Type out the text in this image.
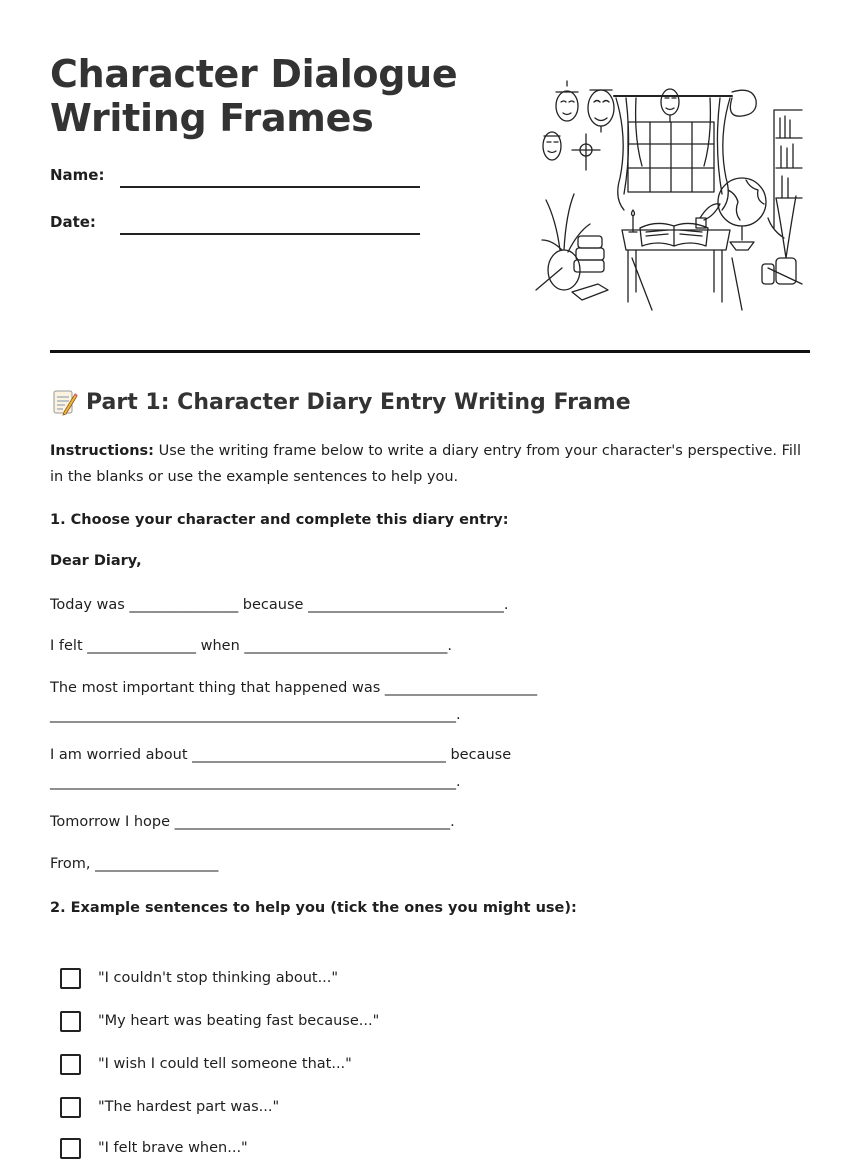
Character Dialogue
Writing Frames
Name:
Date:
Part 1: Character Diary Entry Writing Frame

Instructions: Use the writing frame below to write a diary entry from your character's perspective. Fill in the blanks or use the example sentences to help you.

1. Choose your character and complete this diary entry:

Dear Diary,

Today was _______________ because ___________________________.

I felt _______________ when ____________________________.

The most important thing that happened was _____________________ ________________________________________________________.

I am worried about ___________________________________ because ________________________________________________________.

Tomorrow I hope ______________________________________.

From, _________________

2. Example sentences to help you (tick the ones you might use):

"I couldn't stop thinking about..."
"My heart was beating fast because..."
"I wish I could tell someone that..."
"The hardest part was..."
"I felt brave when..."
